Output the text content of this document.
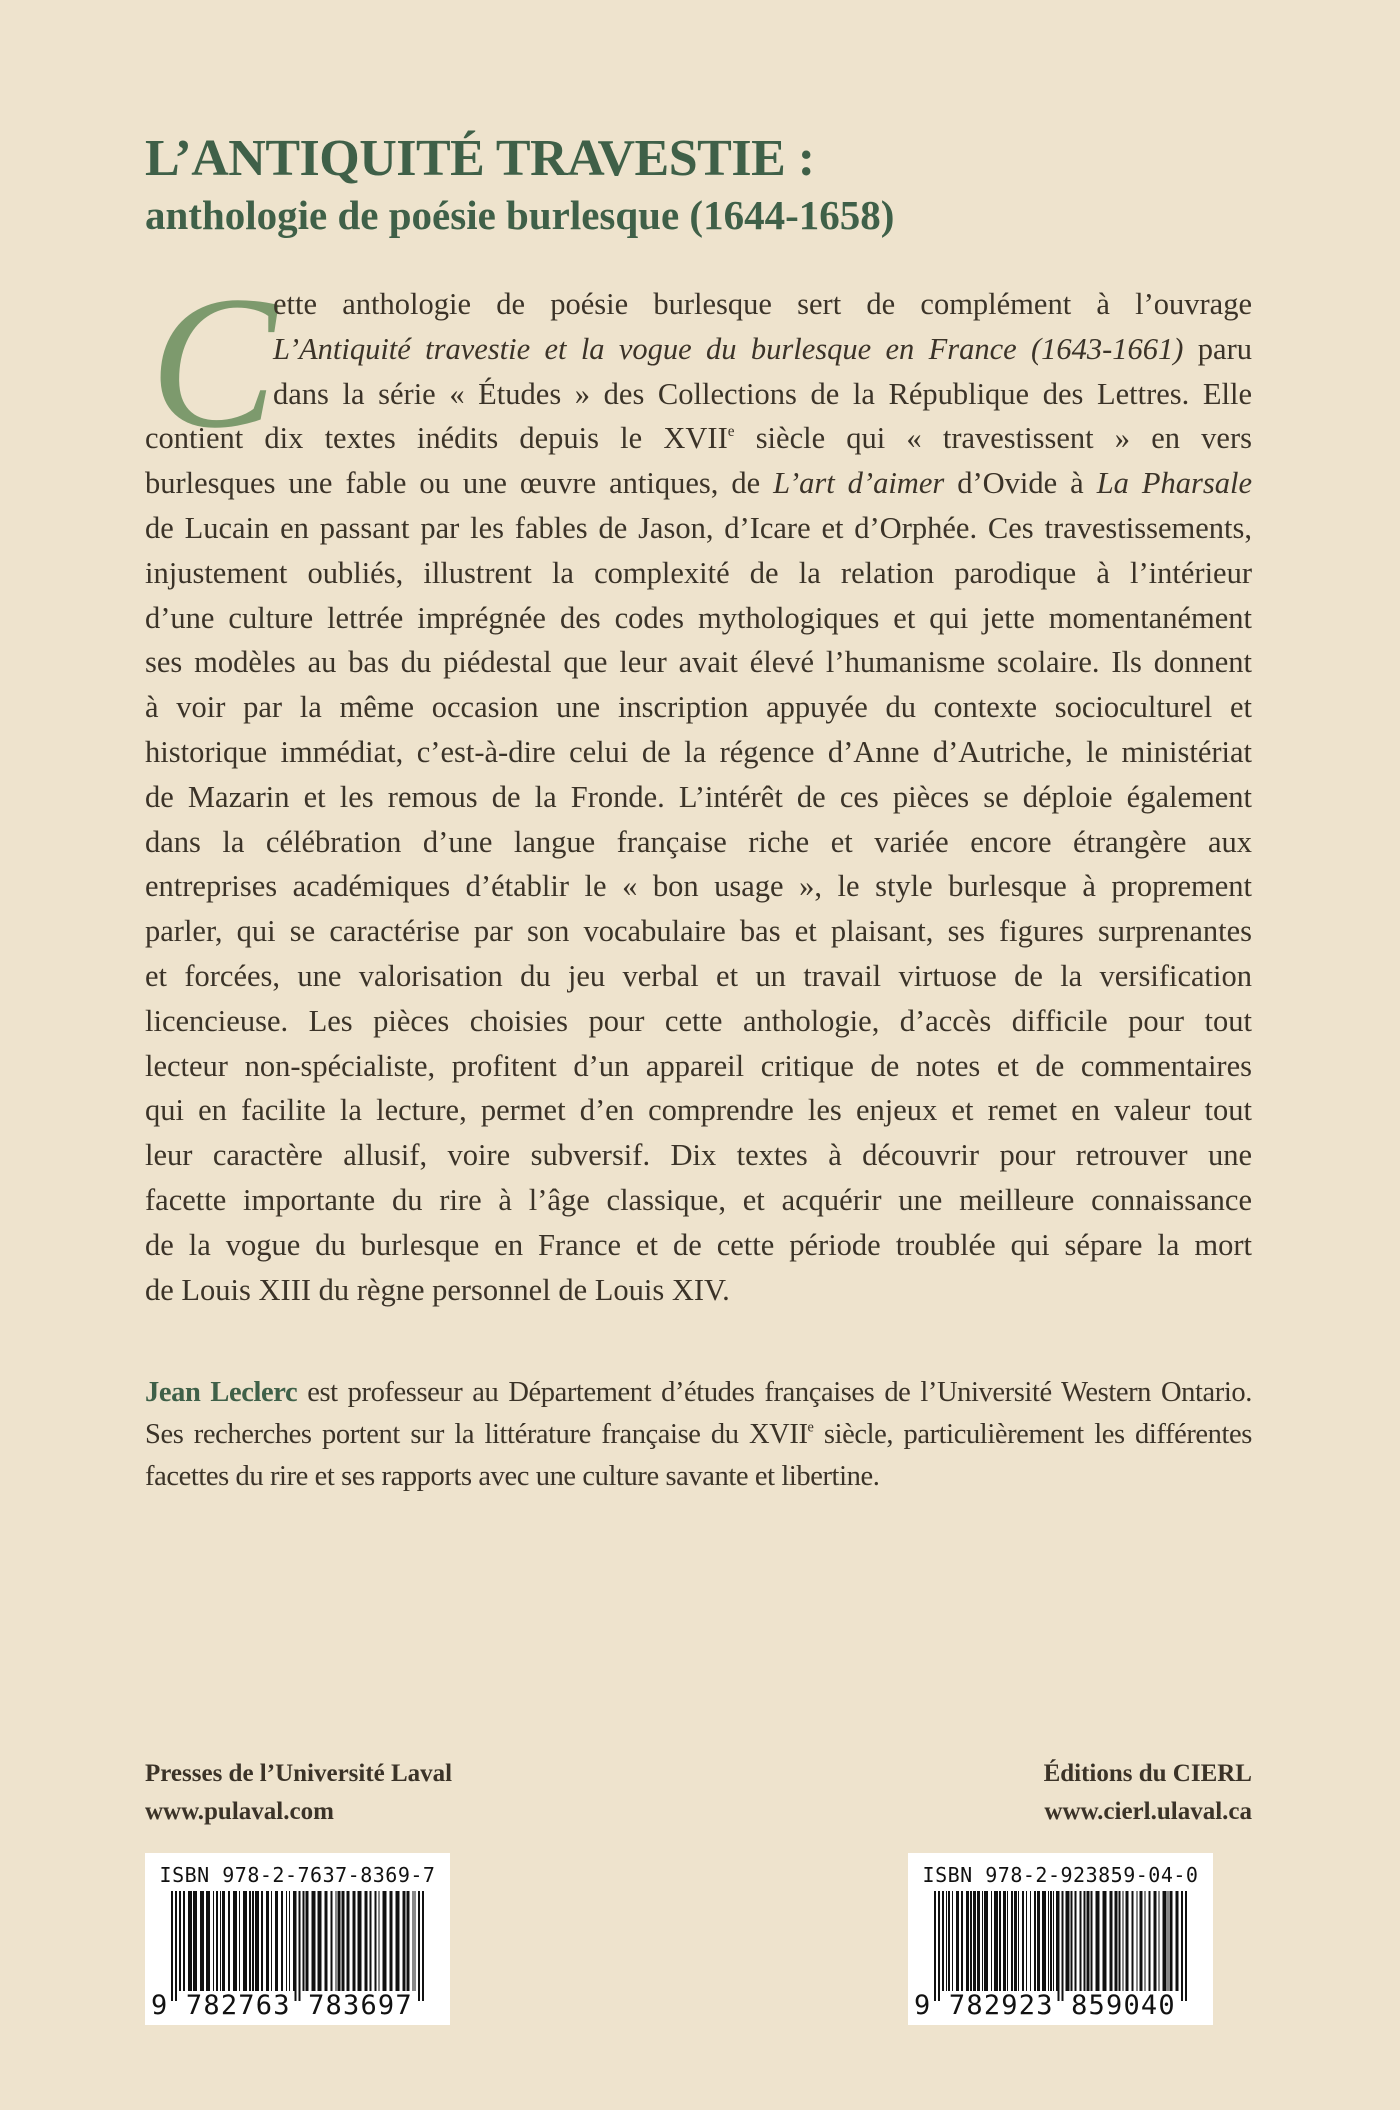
L’ANTIQUITÉ TRAVESTIE :
anthologie de poésie burlesque (1644-1658)
C
ette anthologie de poésie burlesque sert de complément à l’ouvrage
L’Antiquité travestie et la vogue du burlesque en France (1643-1661) paru
dans la série « Études » des Collections de la République des Lettres. Elle
contient dix textes inédits depuis le XVIIe siècle qui « travestissent » en vers
burlesques une fable ou une œuvre antiques, de L’art d’aimer d’Ovide à La Pharsale
de Lucain en passant par les fables de Jason, d’Icare et d’Orphée. Ces travestissements,
injustement oubliés, illustrent la complexité de la relation parodique à l’intérieur
d’une culture lettrée imprégnée des codes mythologiques et qui jette momentanément
ses modèles au bas du piédestal que leur avait élevé l’humanisme scolaire. Ils donnent
à voir par la même occasion une inscription appuyée du contexte socioculturel et
historique immédiat, c’est-à-dire celui de la régence d’Anne d’Autriche, le ministériat
de Mazarin et les remous de la Fronde. L’intérêt de ces pièces se déploie également
dans la célébration d’une langue française riche et variée encore étrangère aux
entreprises académiques d’établir le « bon usage », le style burlesque à proprement
parler, qui se caractérise par son vocabulaire bas et plaisant, ses figures surprenantes
et forcées, une valorisation du jeu verbal et un travail virtuose de la versification
licencieuse. Les pièces choisies pour cette anthologie, d’accès difficile pour tout
lecteur non-spécialiste, profitent d’un appareil critique de notes et de commentaires
qui en facilite la lecture, permet d’en comprendre les enjeux et remet en valeur tout
leur caractère allusif, voire subversif. Dix textes à découvrir pour retrouver une
facette importante du rire à l’âge classique, et acquérir une meilleure connaissance
de la vogue du burlesque en France et de cette période troublée qui sépare la mort
de Louis XIII du règne personnel de Louis XIV.
Jean Leclerc est professeur au Département d’études françaises de l’Université Western Ontario.
Ses recherches portent sur la littérature française du XVIIe siècle, particulièrement les différentes
facettes du rire et ses rapports avec une culture savante et libertine.
Presses de l’Université Laval
www.pulaval.com
Éditions du CIERL
www.cierl.ulaval.ca
ISBN 978-2-7637-8369-7
9 782763 783697
ISBN 978-2-923859-04-0
9 782923 859040
